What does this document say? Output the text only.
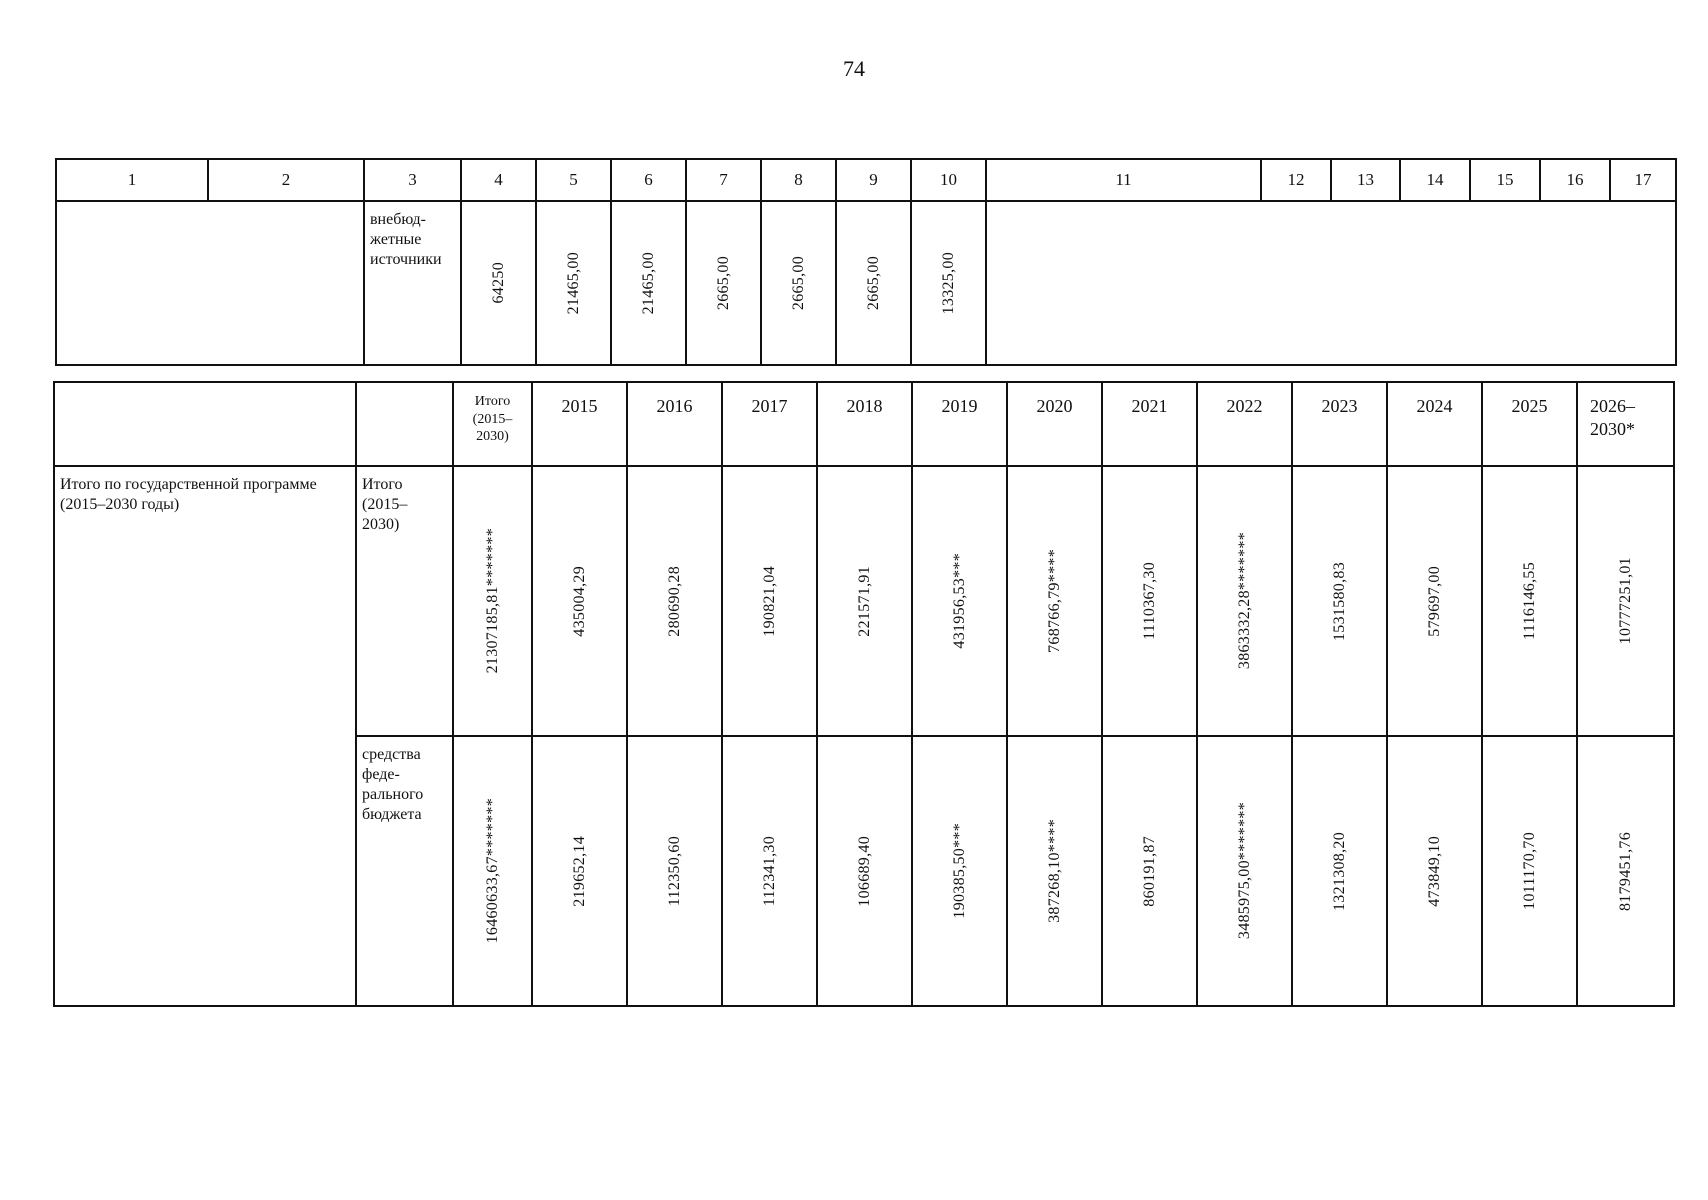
74
1	2	3	4	5	6	7	8	9	10	11	12	13	14	15	16	17

		внебюд-
жетные
источники	64250	21465,00	21465,00	2665,00	2665,00	2665,00	13325,00							

		Итого
(2015–
2030)	2015	2016	2017	2018	2019	2020	2021	2022	2023	2024	2025	2026–
2030*

Итого по государственной программе (2015–2030 годы)	Итого
(2015–
2030)	21307185,81*******	435004,29	280690,28	190821,04	221571,91	431956,53***	768766,79****	1110367,30	3863332,28*******	1531580,83	579697,00	1116146,55	10777251,01

	средства
феде-
рального
бюджета	16460633,67*******	219652,14	112350,60	112341,30	106689,40	190385,50***	387268,10****	860191,87	3485975,00*******	1321308,20	473849,10	1011170,70	8179451,76
